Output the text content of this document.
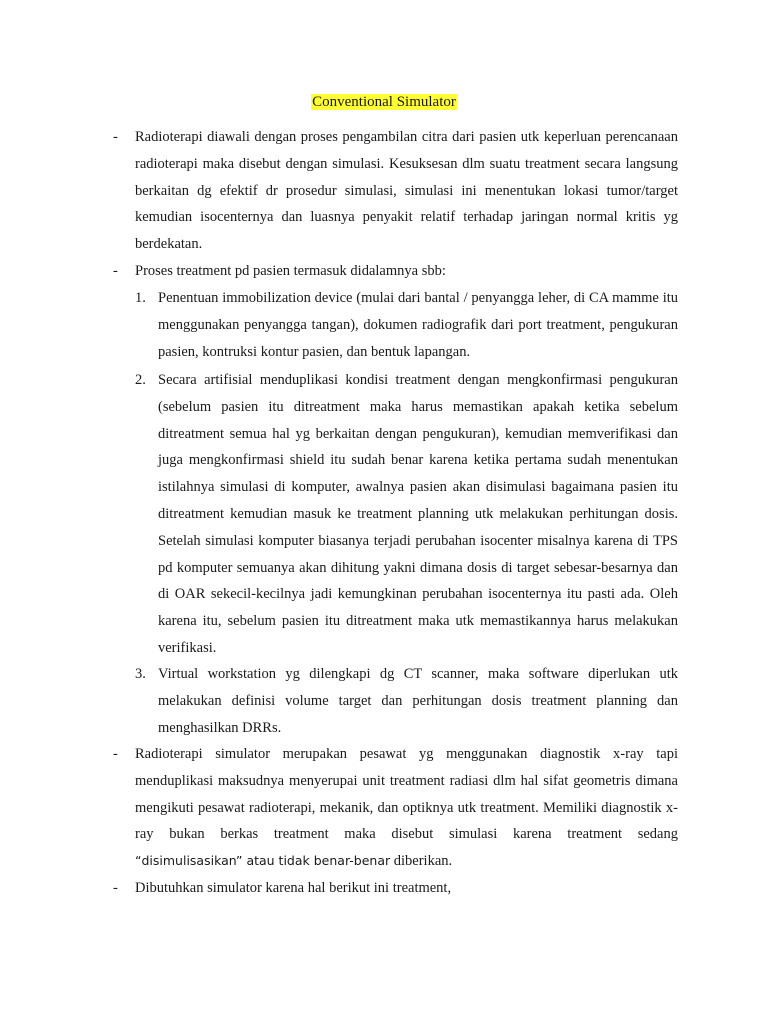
Conventional Simulator
-	Radioterapi diawali dengan proses pengambilan citra dari pasien utk keperluan perencanaan radioterapi maka disebut dengan simulasi. Kesuksesan dlm suatu treatment secara langsung berkaitan dg efektif dr prosedur simulasi, simulasi ini menentukan lokasi tumor/target kemudian isocenternya dan luasnya penyakit relatif terhadap jaringan normal kritis yg berdekatan.

-	Proses treatment pd pasien termasuk didalamnya sbb:

1. Penentuan immobilization device (mulai dari bantal / penyangga leher, di CA mamme itu menggunakan penyangga tangan), dokumen radiografik dari port treatment, pengukuran pasien, kontruksi kontur pasien, dan bentuk lapangan.

2. Secara artifisial menduplikasi kondisi treatment dengan mengkonfirmasi pengukuran (sebelum pasien itu ditreatment maka harus memastikan apakah ketika sebelum ditreatment semua hal yg berkaitan dengan pengukuran), kemudian memverifikasi dan juga mengkonfirmasi shield itu sudah benar karena ketika pertama sudah menentukan istilahnya simulasi di komputer, awalnya pasien akan disimulasi bagaimana pasien itu ditreatment kemudian masuk ke treatment planning utk melakukan perhitungan dosis. Setelah simulasi komputer biasanya terjadi perubahan isocenter misalnya karena di TPS pd komputer semuanya akan dihitung yakni dimana dosis di target sebesar-besarnya dan di OAR sekecil-kecilnya jadi kemungkinan perubahan isocenternya itu pasti ada. Oleh karena itu, sebelum pasien itu ditreatment maka utk memastikannya harus melakukan verifikasi.

3. Virtual workstation yg dilengkapi dg CT scanner, maka software diperlukan utk melakukan definisi volume target dan perhitungan dosis treatment planning dan menghasilkan DRRs.

-	Radioterapi simulator merupakan pesawat yg menggunakan diagnostik x-ray tapi menduplikasi maksudnya menyerupai unit treatment radiasi dlm hal sifat geometris dimana mengikuti pesawat radioterapi, mekanik, dan optiknya utk treatment. Memiliki diagnostik x-ray bukan berkas treatment maka disebut simulasi karena treatment sedang “disimulisasikan” atau tidak benar-benar diberikan.

-	Dibutuhkan simulator karena hal berikut ini treatment,
